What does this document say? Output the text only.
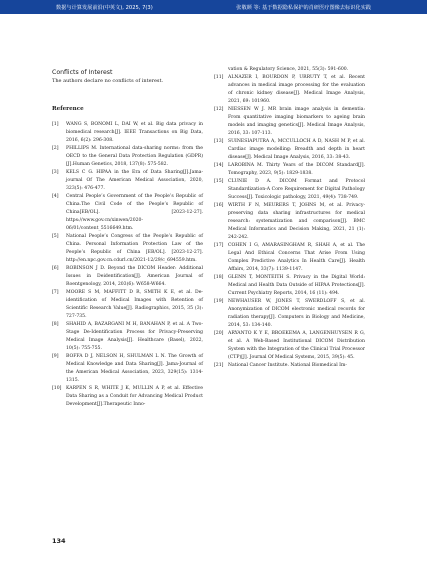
数据与计算发展前沿(中英文), 2025, 7(3)	张敬颜 等: 基于数据隐私保护的肖研医疗图像去标识化实践

Conflicts of Interest

The authors declare no conflicts of interest.

Reference

[1]	WANG S, BONOMI L, DAI W, et al. Big data privacy in biomedical research[J]. IEEE Transactions on Big Data, 2016, 6(2): 296-308.
[2]	PHILLIPS M. International data-sharing norms: from the OECD to the General Data Protection Regulation (GDPR)[J].Human Genetics, 2018, 137(8): 575-582.
[3]	KELS C G. HIPAA in the Era of Data Sharing[J].Jama- journal Of The American Medical Association, 2020, 323(5): 476-477.
[4]	Central People’s Government of the People’s Republic of China.The Civil Code of the People’s Republic of China[EB/OL]. [2023-12-27]. https://www.gov.cn/xinwen/2020-06/01/content_5516649.htm.
[5]	National People’s Congress of the People’s Republic of China. Personal Information Protection Law of the People’s Republic of China [EB/OL]. [2023-12-27]. http://en.npc.gov.cn.cdurl.cn/2021-12/29/c_694559.htm.
[6]	ROBINSON J D. Beyond the DICOM Header: Additional Issues in Deidentification[J]. American Journal of Roentgenology, 2014, 203(6): W658-W664.
[7]	MOORE S M, MAFFITT D R, SMITH K E, et al. De-identification of Medical Images with Retention of Scientific Research Value[J]. Radiographics, 2015, 35 (3): 727-735.
[8]	SHAHID A, BAZARGANI M H, BANAHAN P, et al. A Two-Stage De-Identification Process for Privacy-Preserving Medical Image Analysis[J]. Healthcare (Basel), 2022, 10(5): 755-755.
[9]	BOFFA D J, NELSON H, SHULMAN L N. The Growth of Medical Knowledge and Data Sharing[J]. Jama-Journal of the American Medical Association, 2023, 329(15): 1314-1315.
[10] KARPEN S R, WHITE J K, MULLIN A P, et al. Effective Data Sharing as a Conduit for Advancing Medical Product Development[J].Therapeutic Inno-
vation & Regulatory Science, 2021, 55(3): 591-600.
[11] ALNAZER I, BOURDON P, URRUTY T, et al. Recent advances in medical image processing for the evaluation of chronic kidney disease[J]. Medical Image Analysis, 2021, 69: 101960.
[12] NIESSEN W J. MR brain image analysis in dementia: From quantitative imaging biomarkers to ageing brain models and imaging genetics[J]. Medical Image Analysis, 2016, 33: 107-113.
[13] SUINESIAPUTRA A, MCCULLOCH A D, NASH M P, et al. Cardiac image modelling: Breadth and depth in heart disease[J]. Medical Image Analysis, 2016, 33: 38-43.
[14] LAROBINA M. Thirty Years of the DICOM Standard[J]. Tomography, 2023, 9(5): 1829-1838.
[15] CLUNIE D A. DICOM Format and Protocol Standardization-A Core Requirement for Digital Pathology Success[J]. Toxicologic pathology, 2021, 49(4): 738-749.
[16] WIRTH F N, MEURERS T, JOHNS M, et al. Privacy-preserving data sharing infrastructures for medical research: systematization and comparison[J]. BMC Medical Informatics and Decision Making, 2021, 21 (1): 242-242.
[17] COHEN I G, AMARASINGHAM R, SHAH A, et al. The Legal And Ethical Concerns That Arise From Using Complex Predictive Analytics In Health Care[J]. Health Affairs, 2014, 33(7): 1139-1147.
[18] GLENN T, MONTEITH S. Privacy in the Digital World: Medical and Health Data Outside of HIPAA Protections[J]. Current Psychiatry Reports, 2014, 16 (11): 494.
[19] NEWHAUSER W, JONES T, SWERDLOFF S, et al. Anonymization of DICOM electronic medical records for radiation therapy[J]. Computers in Biology and Medicine, 2014, 53: 134-140.
[20] ARYANTO K Y E, BROEKEMA A, LANGENHUYSEN R G, et al. A Web-Based Institutional DICOM Distribution System with the Integration of the Clinical Trial Processor (CTP)[J]. Journal Of Medical Systems, 2015, 39(5): 45.
[21] National Cancer Institute. National Biomedical Im-
134
